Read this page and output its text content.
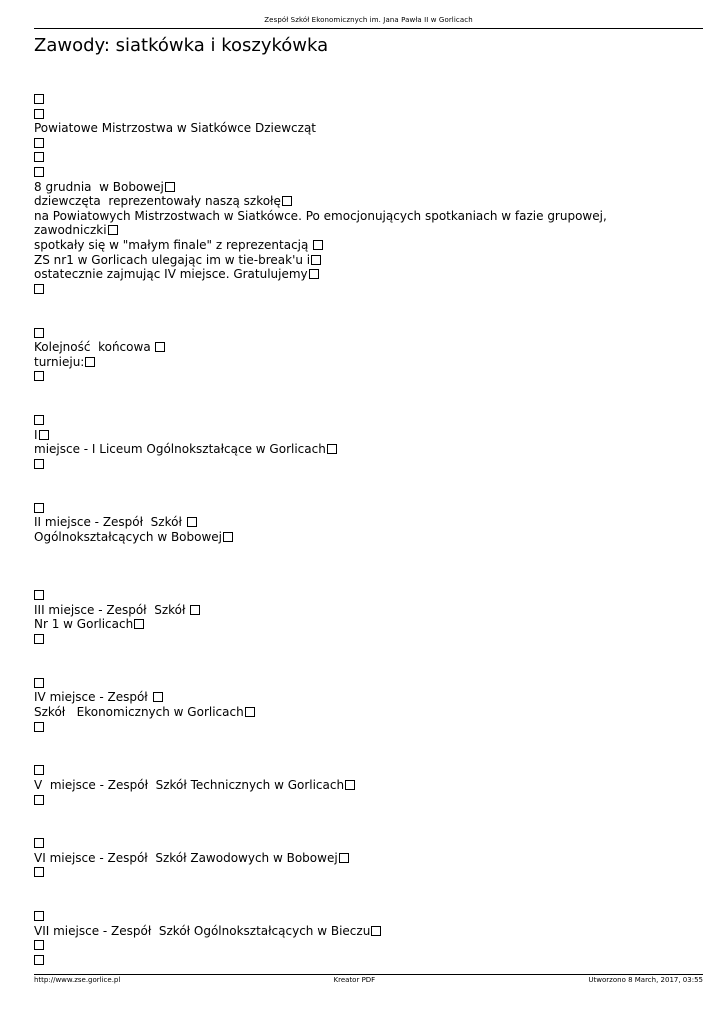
Zespół Szkół Ekonomicznych im. Jana Pawła II w Gorlicach
Zawody: siatkówka i koszykówka
Powiatowe Mistrzostwa w Siatkówce Dziewcząt
8 grudnia  w Bobowej
dziewczęta  reprezentowały naszą szkołę
na Powiatowych Mistrzostwach w Siatkówce. Po emocjonujących spotkaniach w fazie grupowej, zawodniczki
spotkały się w "małym finale" z reprezentacją
ZS nr1 w Gorlicach ulegając im w tie-break'u i
ostatecznie zajmując IV miejsce. Gratulujemy
Kolejność  końcowa
turnieju:
I
miejsce - I Liceum Ogólnokształcące w Gorlicach
II miejsce - Zespół  Szkół
Ogólnokształcących w Bobowej
III miejsce - Zespół  Szkół
Nr 1 w Gorlicach
IV miejsce - Zespół
Szkół   Ekonomicznych w Gorlicach
V  miejsce - Zespół  Szkół Technicznych w Gorlicach
VI miejsce - Zespół  Szkół Zawodowych w Bobowej
VII miejsce - Zespół  Szkół Ogólnokształcących w Bieczu
http://www.zse.gorlice.pl	Kreator PDF	Utworzono 8 March, 2017, 03:55
